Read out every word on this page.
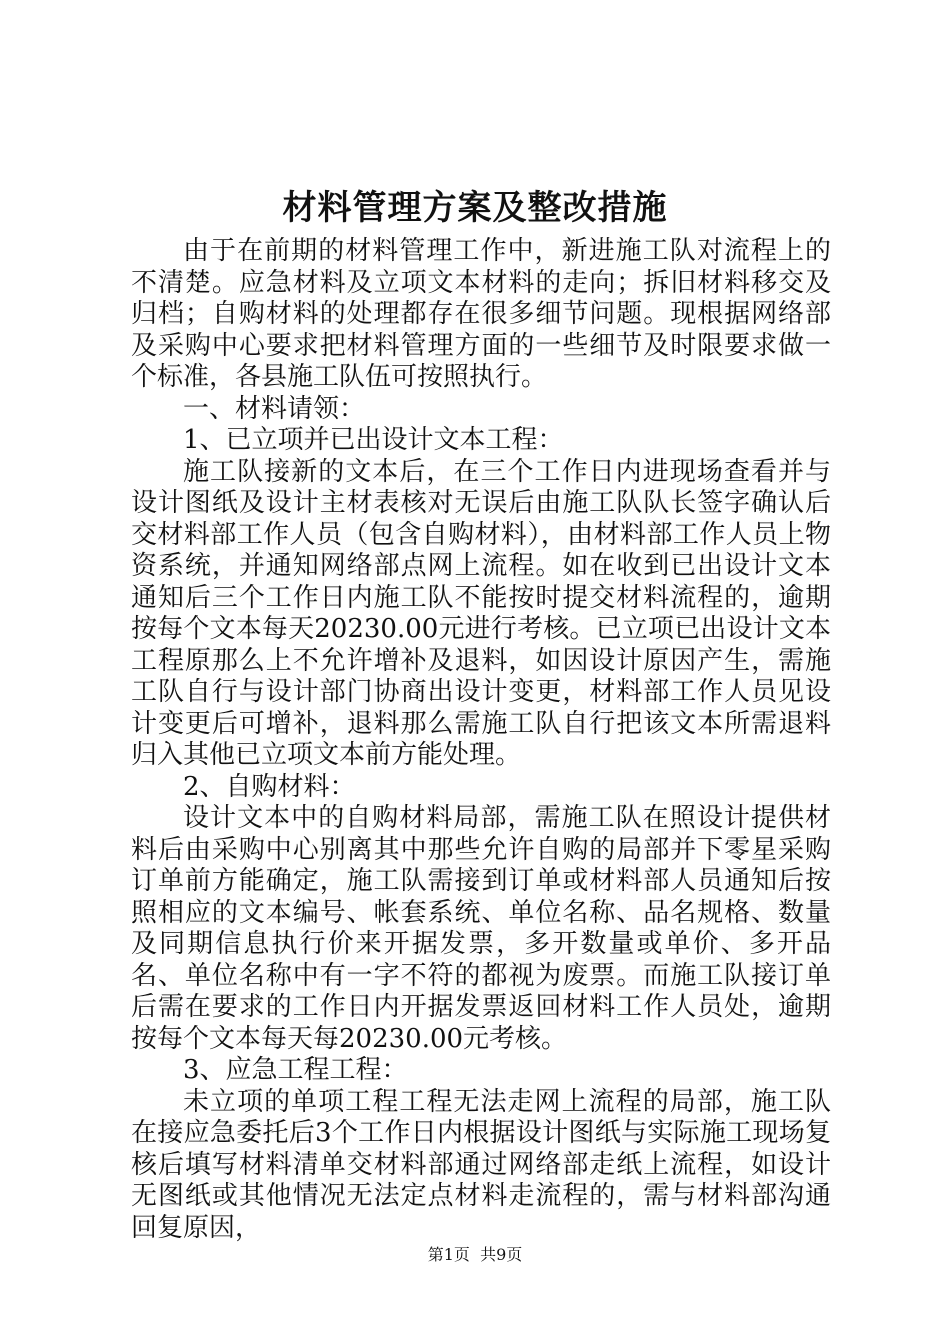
材料管理方案及整改措施

由于在前期的材料管理工作中，新进施工队对流程上的不清楚。应急材料及立项文本材料的走向；拆旧材料移交及归档；自购材料的处理都存在很多细节问题。现根据网络部及采购中心要求把材料管理方面的一些细节及时限要求做一个标准，各县施工队伍可按照执行。

一、材料请领：

1、已立项并已出设计文本工程：

施工队接新的文本后，在三个工作日内进现场查看并与设计图纸及设计主材表核对无误后由施工队队长签字确认后交材料部工作人员（包含自购材料），由材料部工作人员上物资系统，并通知网络部点网上流程。如在收到已出设计文本通知后三个工作日内施工队不能按时提交材料流程的，逾期按每个文本每天20230.00元进行考核。已立项已出设计文本工程原那么上不允许增补及退料，如因设计原因产生，需施工队自行与设计部门协商出设计变更，材料部工作人员见设计变更后可增补，退料那么需施工队自行把该文本所需退料归入其他已立项文本前方能处理。

2、自购材料：

设计文本中的自购材料局部，需施工队在照设计提供材料后由采购中心别离其中那些允许自购的局部并下零星采购订单前方能确定，施工队需接到订单或材料部人员通知后按照相应的文本编号、帐套系统、单位名称、品名规格、数量及同期信息执行价来开据发票，多开数量或单价、多开品名、单位名称中有一字不符的都视为废票。而施工队接订单后需在要求的工作日内开据发票返回材料工作人员处，逾期按每个文本每天每20230.00元考核。

3、应急工程工程：

未立项的单项工程工程无法走网上流程的局部，施工队在接应急委托后3个工作日内根据设计图纸与实际施工现场复核后填写材料清单交材料部通过网络部走纸上流程，如设计无图纸或其他情况无法定点材料走流程的，需与材料部沟通回复原因，

第1页  共9页
